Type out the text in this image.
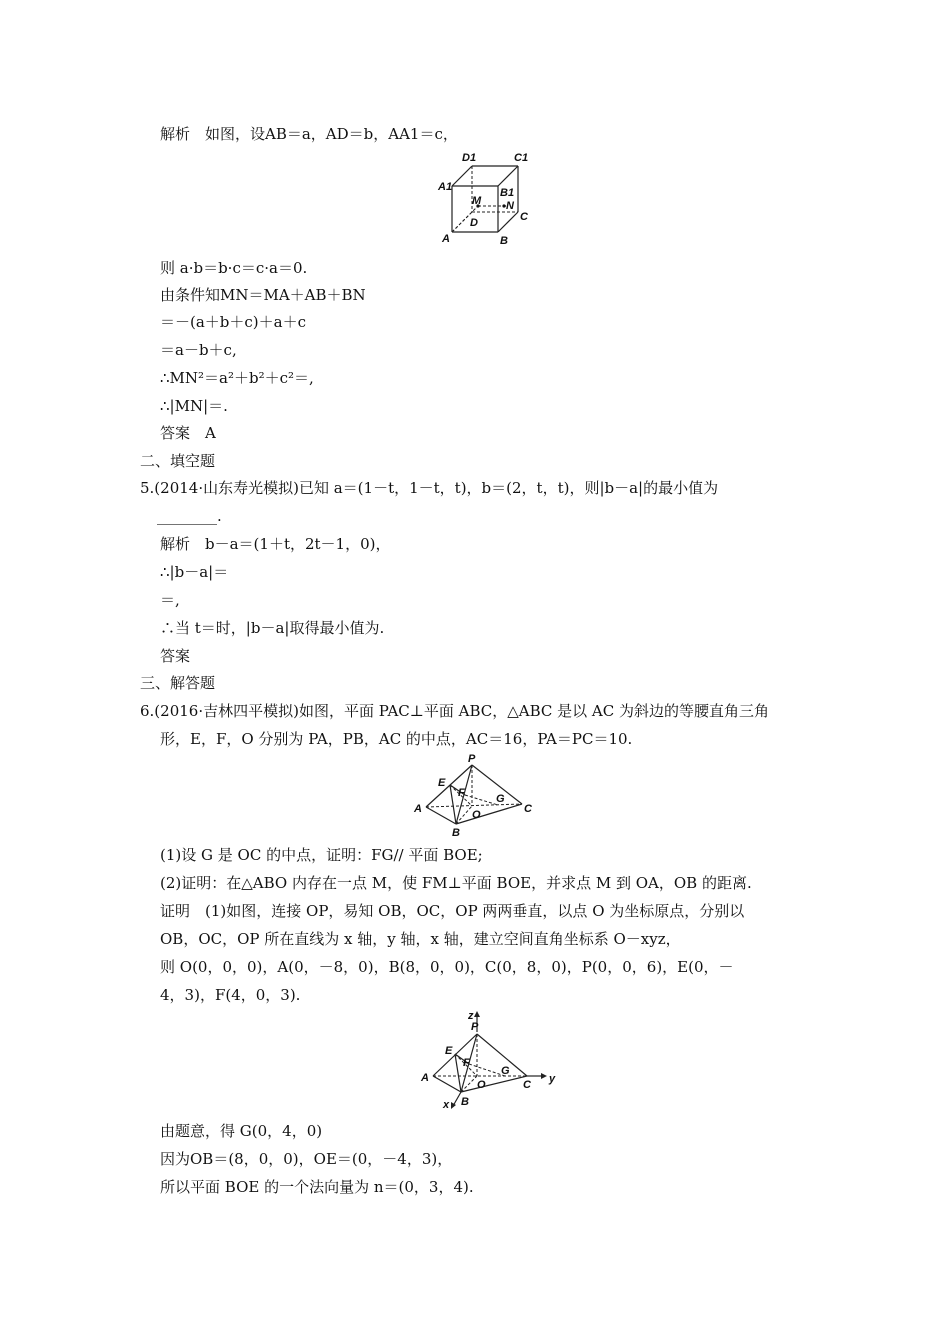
解析　如图，设AB＝a，AD＝b，AA1＝c，
D1	C1
A1	B1
M N
C
D
A	B
则 a·b＝b·c＝c·a＝0.
由条件知MN＝MA＋AB＋BN
＝－(a＋b＋c)＋a＋c
＝a－b＋c,
∴MN²＝a²＋b²＋c²＝,
∴|MN|＝.
答案　A
二、填空题
5.(2014·山东寿光模拟)已知 a＝(1－t，1－t，t)，b＝(2，t，t)，则|b－a|的最小值为
________.
解析　b－a＝(1＋t，2t－1，0)，
∴|b－a|＝
＝,
∴当 t＝时，|b－a|取得最小值为.
答案
三、解答题
6.(2016·吉林四平模拟)如图，平面 PAC⊥平面 ABC，△ABC 是以 AC 为斜边的等腰直角三角
形，E，F，O 分别为 PA，PB，AC 的中点，AC＝16，PA＝PC＝10.
P
E
F
A
G
O	C
B
(1)设 G 是 OC 的中点，证明：FG// 平面 BOE;
(2)证明：在△ABO 内存在一点 M，使 FM⊥平面 BOE，并求点 M 到 OA，OB 的距离.
证明　(1)如图，连接 OP，易知 OB，OC，OP 两两垂直，以点 O 为坐标原点，分别以
OB，OC，OP 所在直线为 x 轴，y 轴，x 轴，建立空间直角坐标系 O－xyz，
则 O(0，0，0)，A(0，－8，0)，B(8，0，0)，C(0，8，0)，P(0，0，6)，E(0，－
4，3)，F(4，0，3).
z
P
E
F
A
O
G
C y
x B
由题意，得 G(0，4，0)
因为OB＝(8，0，0)，OE＝(0，－4，3)，
所以平面 BOE 的一个法向量为 n＝(0，3，4).
